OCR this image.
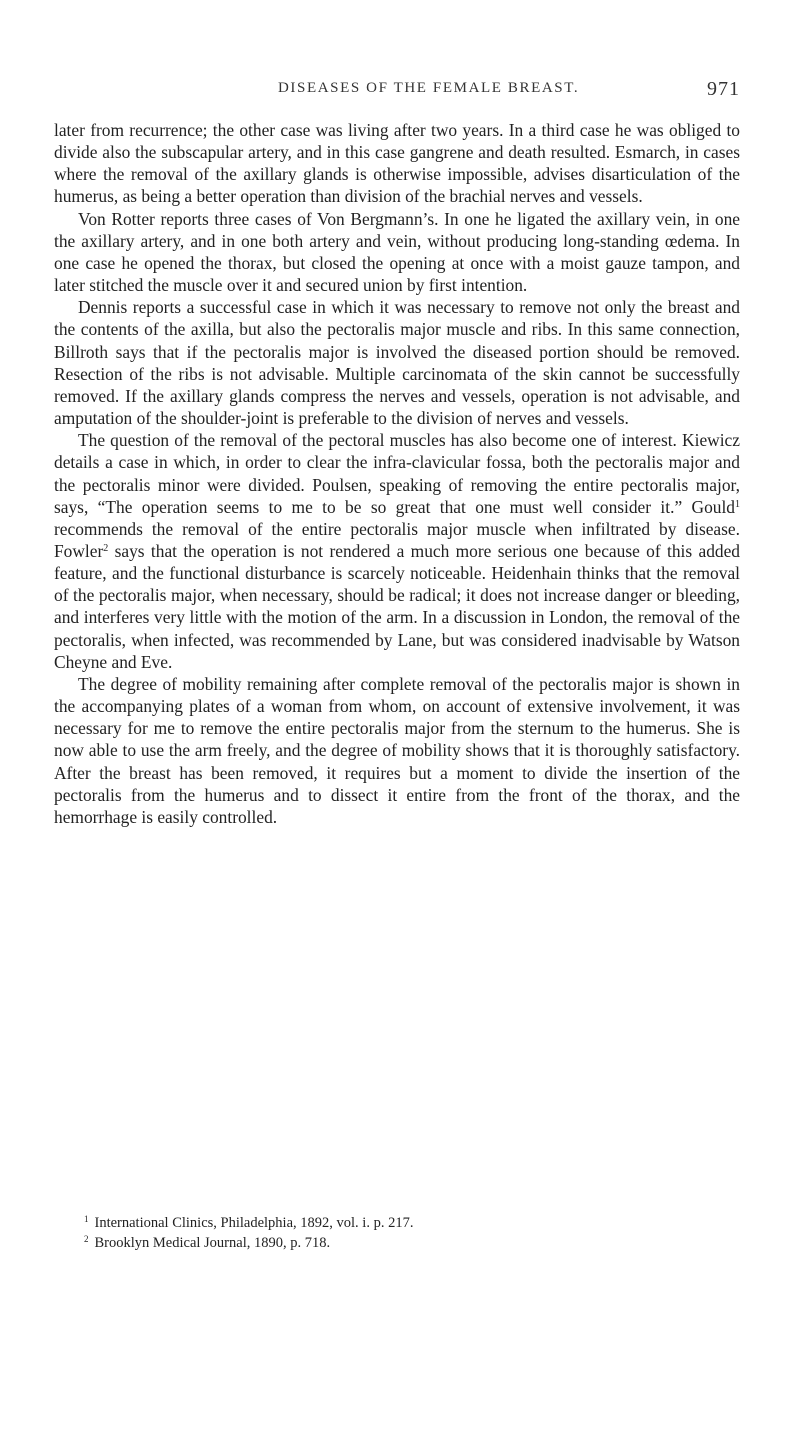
DISEASES OF THE FEMALE BREAST.	971

later from recurrence; the other case was living after two years. In a third case he was obliged to divide also the subscapular artery, and in this case gangrene and death resulted. Esmarch, in cases where the removal of the axillary glands is otherwise impossible, advises disarticulation of the humerus, as being a better operation than division of the brachial nerves and vessels.

Von Rotter reports three cases of Von Bergmann’s. In one he ligated the axillary vein, in one the axillary artery, and in one both artery and vein, without producing long-standing œdema. In one case he opened the thorax, but closed the opening at once with a moist gauze tampon, and later stitched the muscle over it and secured union by first intention.

Dennis reports a successful case in which it was necessary to remove not only the breast and the contents of the axilla, but also the pectoralis major muscle and ribs. In this same connection, Billroth says that if the pectoralis major is involved the diseased portion should be removed. Resection of the ribs is not advisable. Multiple carcinomata of the skin cannot be successfully removed. If the axillary glands compress the nerves and vessels, operation is not advisable, and amputation of the shoulder-joint is preferable to the division of nerves and vessels.

The question of the removal of the pectoral muscles has also become one of interest. Kiewicz details a case in which, in order to clear the infra-clavicular fossa, both the pectoralis major and the pectoralis minor were divided. Poulsen, speaking of removing the entire pectoralis major, says, “The operation seems to me to be so great that one must well consider it.” Gould$^1$ recommends the removal of the entire pectoralis major muscle when infiltrated by disease. Fowler$^2$ says that the operation is not rendered a much more serious one because of this added feature, and the functional disturbance is scarcely noticeable. Heidenhain thinks that the removal of the pectoralis major, when necessary, should be radical; it does not increase danger or bleeding, and interferes very little with the motion of the arm. In a discussion in London, the removal of the pectoralis, when infected, was recommended by Lane, but was considered inadvisable by Watson Cheyne and Eve.

The degree of mobility remaining after complete removal of the pectoralis major is shown in the accompanying plates of a woman from whom, on account of extensive involvement, it was necessary for me to remove the entire pectoralis major from the sternum to the humerus. She is now able to use the arm freely, and the degree of mobility shows that it is thoroughly satisfactory. After the breast has been removed, it requires but a moment to divide the insertion of the pectoralis from the humerus and to dissect it entire from the front of the thorax, and the hemorrhage is easily controlled.

$^1$ International Clinics, Philadelphia, 1892, vol. i. p. 217.

$^2$ Brooklyn Medical Journal, 1890, p. 718.
